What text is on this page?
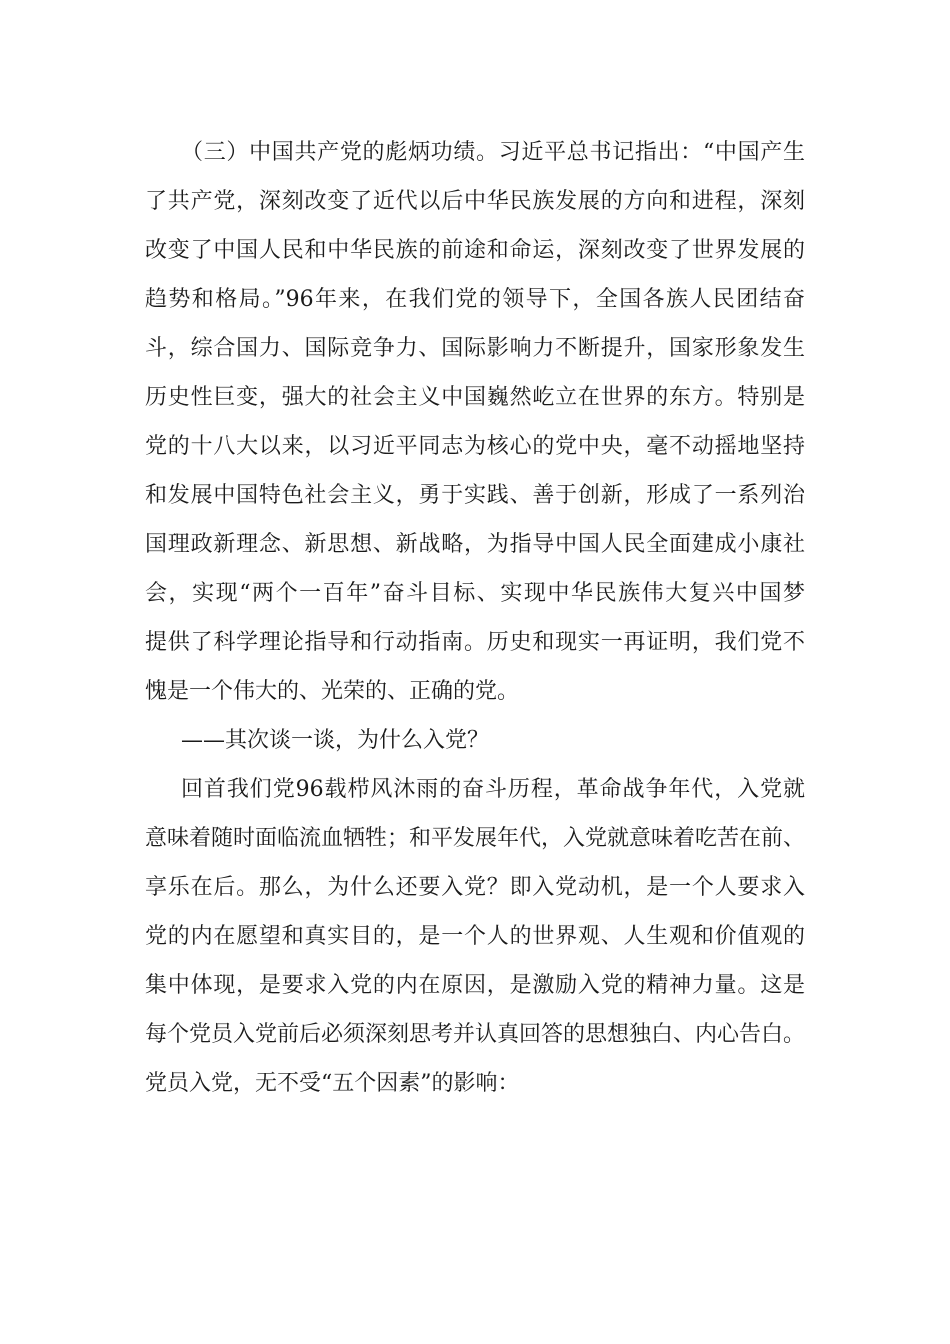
（三）中国共产党的彪炳功绩。习近平总书记指出：“中国产生
了共产党，深刻改变了近代以后中华民族发展的方向和进程，深刻
改变了中国人民和中华民族的前途和命运，深刻改变了世界发展的
趋势和格局。”96年来，在我们党的领导下，全国各族人民团结奋
斗，综合国力、国际竞争力、国际影响力不断提升，国家形象发生
历史性巨变，强大的社会主义中国巍然屹立在世界的东方。特别是
党的十八大以来，以习近平同志为核心的党中央，毫不动摇地坚持
和发展中国特色社会主义，勇于实践、善于创新，形成了一系列治
国理政新理念、新思想、新战略，为指导中国人民全面建成小康社
会，实现“两个一百年”奋斗目标、实现中华民族伟大复兴中国梦
提供了科学理论指导和行动指南。历史和现实一再证明，我们党不
愧是一个伟大的、光荣的、正确的党。
——其次谈一谈，为什么入党？
回首我们党96载栉风沐雨的奋斗历程，革命战争年代，入党就
意味着随时面临流血牺牲；和平发展年代，入党就意味着吃苦在前、
享乐在后。那么，为什么还要入党？即入党动机，是一个人要求入
党的内在愿望和真实目的，是一个人的世界观、人生观和价值观的
集中体现，是要求入党的内在原因，是激励入党的精神力量。这是
每个党员入党前后必须深刻思考并认真回答的思想独白、内心告白。
党员入党，无不受“五个因素”的影响：
